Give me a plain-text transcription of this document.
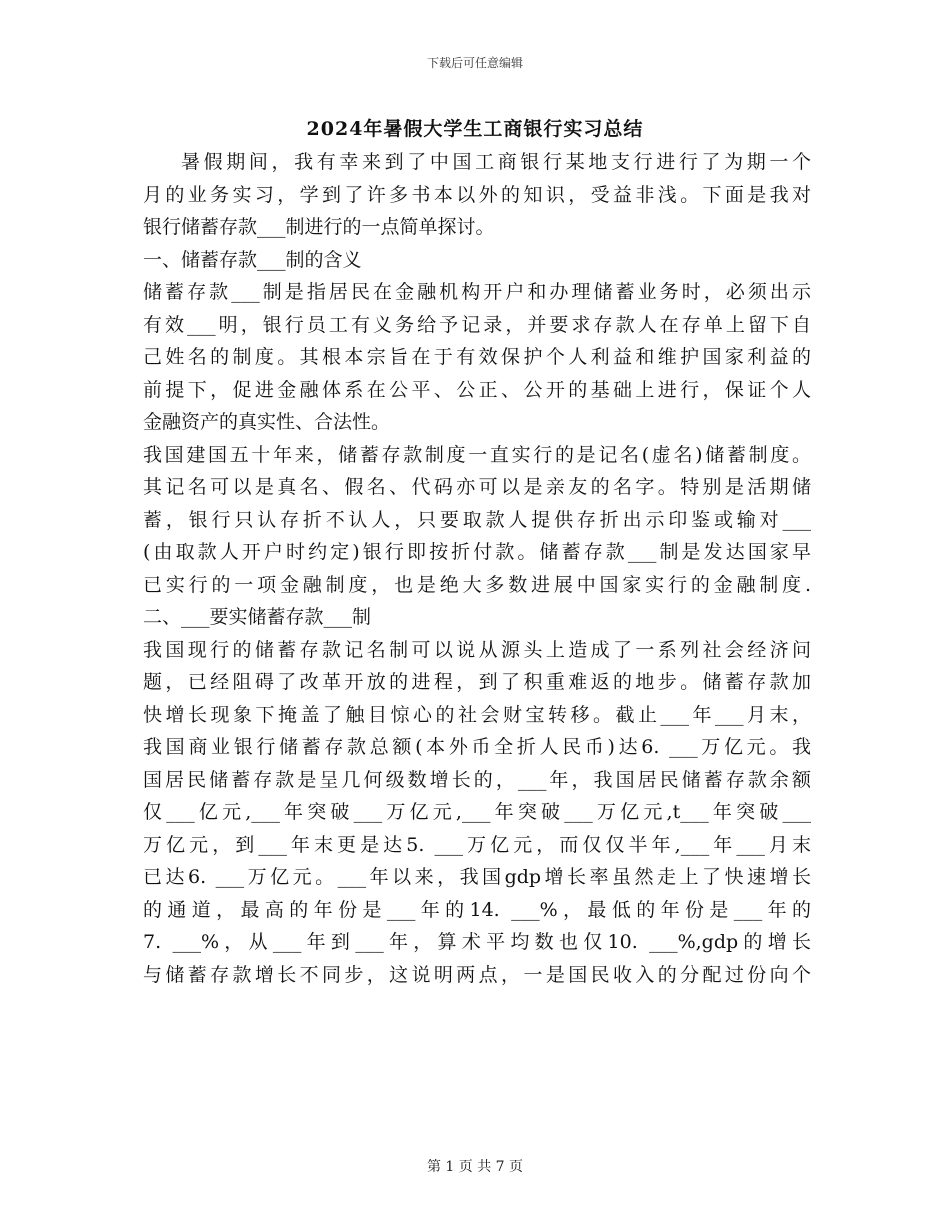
下载后可任意编辑
2024年暑假大学生工商银行实习总结
暑假期间，我有幸来到了中国工商银行某地支行进行了为期一个
月的业务实习，学到了许多书本以外的知识，受益非浅。下面是我对
银行储蓄存款___制进行的一点简单探讨。
一、储蓄存款___制的含义
储蓄存款___制是指居民在金融机构开户和办理储蓄业务时，必须出示
有效___明，银行员工有义务给予记录，并要求存款人在存单上留下自
己姓名的制度。其根本宗旨在于有效保护个人利益和维护国家利益的
前提下，促进金融体系在公平、公正、公开的基础上进行，保证个人
金融资产的真实性、合法性。
我国建国五十年来，储蓄存款制度一直实行的是记名(虚名)储蓄制度。
其记名可以是真名、假名、代码亦可以是亲友的名字。特别是活期储
蓄，银行只认存折不认人，只要取款人提供存折出示印鉴或输对___
(由取款人开户时约定)银行即按折付款。储蓄存款___制是发达国家早
已实行的一项金融制度，也是绝大多数进展中国家实行的金融制度.
二、___要实储蓄存款___制
我国现行的储蓄存款记名制可以说从源头上造成了一系列社会经济问
题，已经阻碍了改革开放的进程，到了积重难返的地步。储蓄存款加
快增长现象下掩盖了触目惊心的社会财宝转移。截止___年___月末，
我国商业银行储蓄存款总额(本外币全折人民币)达6. ___万亿元。我
国居民储蓄存款是呈几何级数增长的，___年，我国居民储蓄存款余额
仅___亿元,___年突破___万亿元,___年突破___万亿元,t___年突破___
万亿元，到___年末更是达5. ___万亿元，而仅仅半年,___年___月末
已达6. ___万亿元。___年以来，我国gdp增长率虽然走上了快速增长
的通道，最高的年份是___年的14. ___%，最低的年份是___年的
7. ___%，从___年到___年，算术平均数也仅10. ___%,gdp的增长
与储蓄存款增长不同步，这说明两点，一是国民收入的分配过份向个
第 1 页 共 7 页
